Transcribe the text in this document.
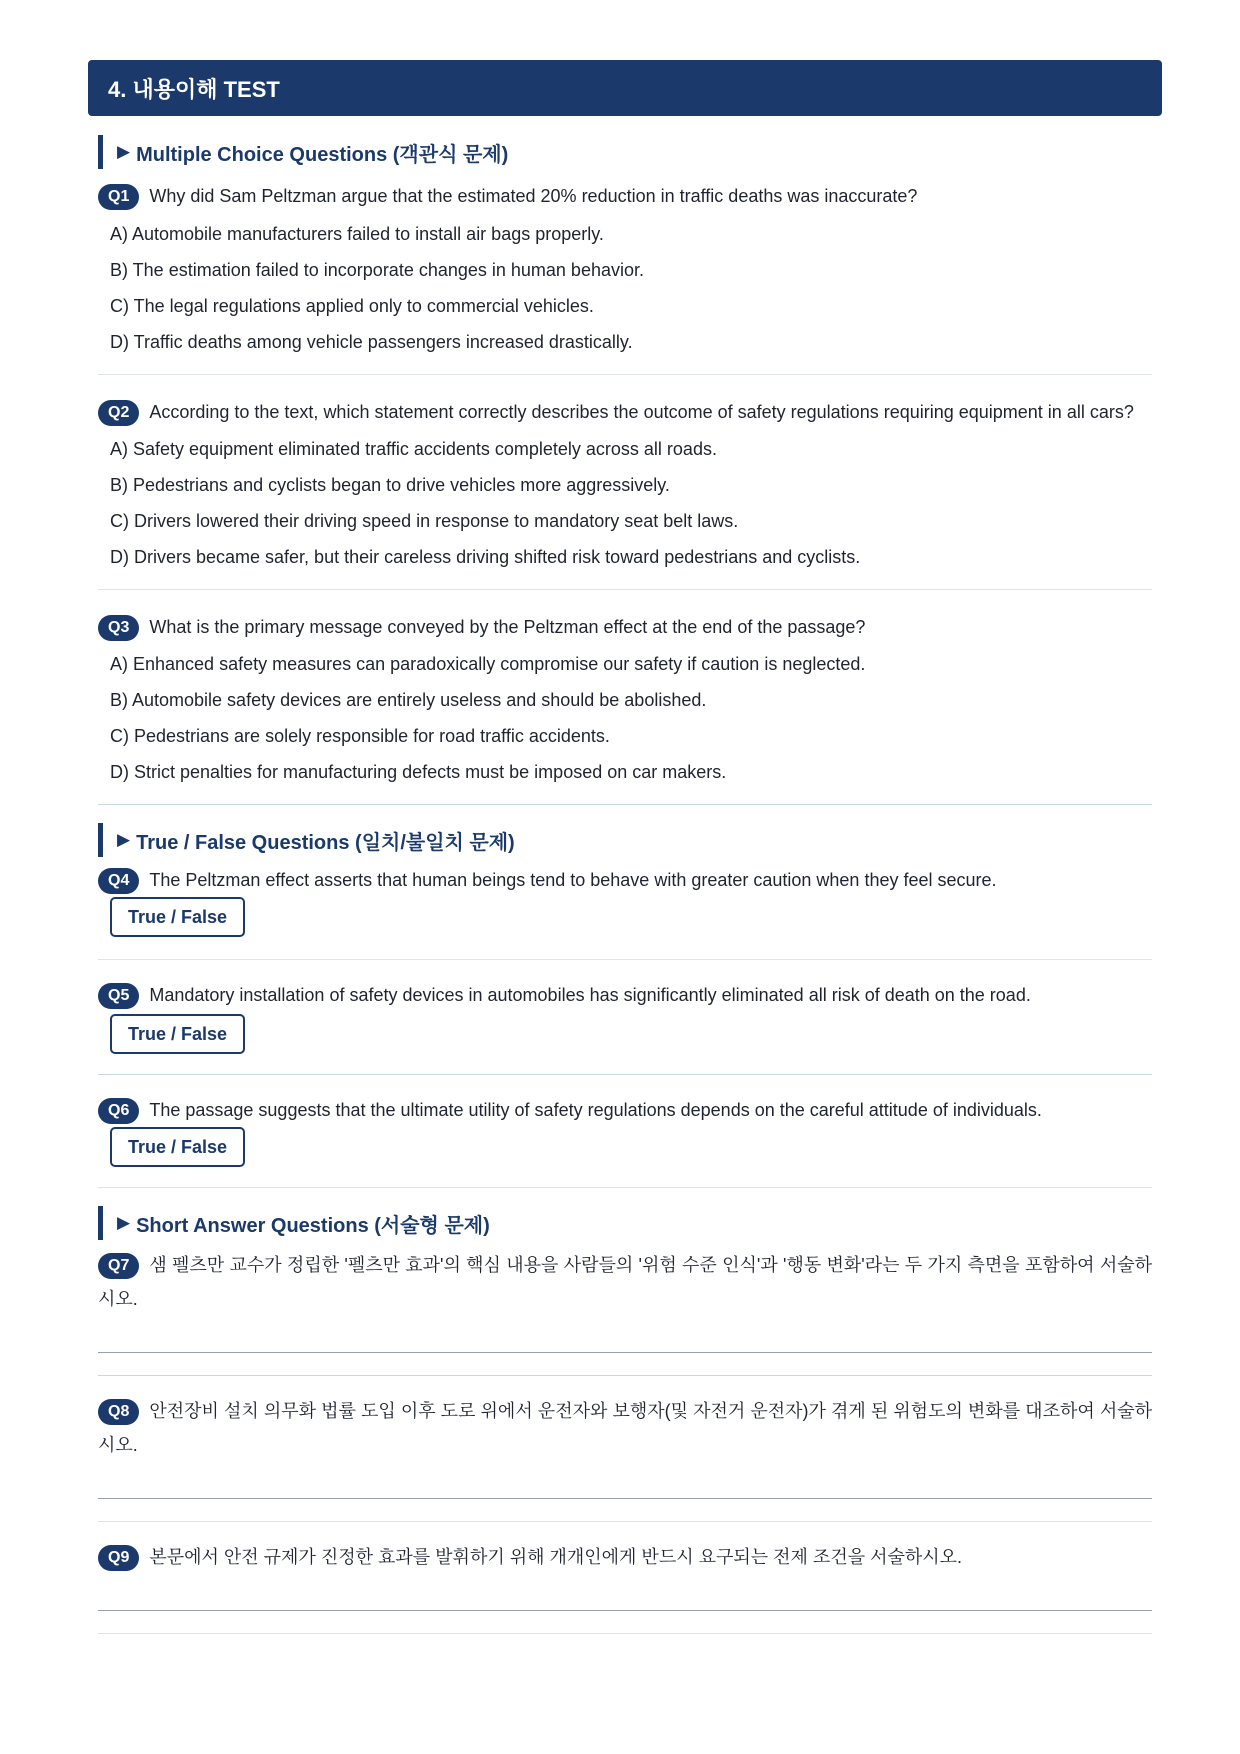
4. 내용이해 TEST
▶ Multiple Choice Questions (객관식 문제)
Q1 Why did Sam Peltzman argue that the estimated 20% reduction in traffic deaths was inaccurate?
A) Automobile manufacturers failed to install air bags properly.
B) The estimation failed to incorporate changes in human behavior.
C) The legal regulations applied only to commercial vehicles.
D) Traffic deaths among vehicle passengers increased drastically.
Q2 According to the text, which statement correctly describes the outcome of safety regulations requiring equipment in all cars?
A) Safety equipment eliminated traffic accidents completely across all roads.
B) Pedestrians and cyclists began to drive vehicles more aggressively.
C) Drivers lowered their driving speed in response to mandatory seat belt laws.
D) Drivers became safer, but their careless driving shifted risk toward pedestrians and cyclists.
Q3 What is the primary message conveyed by the Peltzman effect at the end of the passage?
A) Enhanced safety measures can paradoxically compromise our safety if caution is neglected.
B) Automobile safety devices are entirely useless and should be abolished.
C) Pedestrians are solely responsible for road traffic accidents.
D) Strict penalties for manufacturing defects must be imposed on car makers.
▶ True / False Questions (일치/불일치 문제)
Q4 The Peltzman effect asserts that human beings tend to behave with greater caution when they feel secure.
True / False
Q5 Mandatory installation of safety devices in automobiles has significantly eliminated all risk of death on the road.
True / False
Q6 The passage suggests that the ultimate utility of safety regulations depends on the careful attitude of individuals.
True / False
▶ Short Answer Questions (서술형 문제)
Q7 샘 펠츠만 교수가 정립한 '펠츠만 효과'의 핵심 내용을 사람들의 '위험 수준 인식'과 '행동 변화'라는 두 가지 측면을 포함하여 서술하시오.
Q8 안전장비 설치 의무화 법률 도입 이후 도로 위에서 운전자와 보행자(및 자전거 운전자)가 겪게 된 위험도의 변화를 대조하여 서술하시오.
Q9 본문에서 안전 규제가 진정한 효과를 발휘하기 위해 개개인에게 반드시 요구되는 전제 조건을 서술하시오.
